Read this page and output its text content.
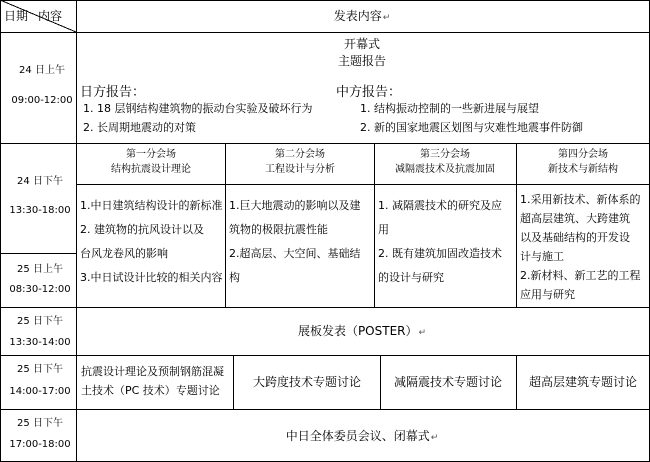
日期 内容	发表内容↵
24 日上午
09:00-12:00
开幕式
主题报告
日方报告：
1. 18 层钢结构建筑物的振动台实验及破坏行为
2. 长周期地震动的对策
中方报告：
1. 结构振动控制的一些新进展与展望
2. 新的国家地震区划图与灾难性地震事件防御
24 日下午
13:30-18:00
25 日上午
08:30-12:00
第一分会场
结构抗震设计理论
第二分会场
工程设计与分析
第三分会场
减隔震技术及抗震加固
第四分会场
新技术与新结构
1.中日建筑结构设计的新标准
2. 建筑物的抗风设计以及
台风龙卷风的影响
3.中日试设计比较的相关内容
1.巨大地震动的影响以及建
筑物的极限抗震性能
2.超高层、大空间、基础结
构
1. 减隔震技术的研究及应
用
2. 既有建筑加固改造技术
的设计与研究
1.采用新技术、新体系的
超高层建筑、大跨建筑
以及基础结构的开发设
计与施工
2.新材料、新工艺的工程
应用与研究
25 日下午
13:30-14:00
展板发表（POSTER）↵
25 日下午
14:00-17:00
抗震设计理论及预制钢筋混凝
土技术（PC 技术）专题讨论
大跨度技术专题讨论	减隔震技术专题讨论 超高层建筑专题讨论
25 日下午
17:00-18:00
中日全体委员会议、闭幕式↵
